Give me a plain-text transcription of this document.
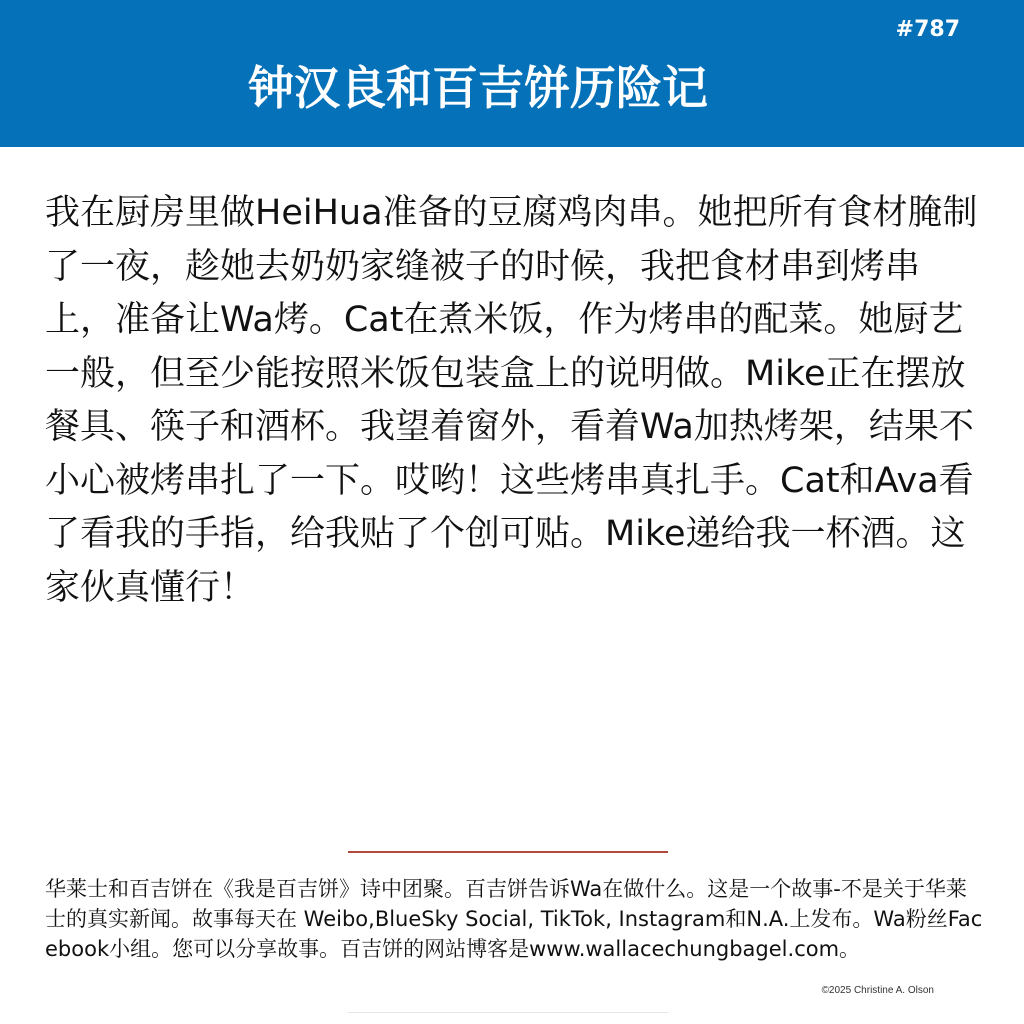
#787
钟汉良和百吉饼历险记

我在厨房里做HeiHua准备的豆腐鸡肉串。她把所有食材腌制了一夜，趁她去奶奶家缝被子的时候，我把食材串到烤串上，准备让Wa烤。Cat在煮米饭，作为烤串的配菜。她厨艺一般，但至少能按照米饭包装盒上的说明做。Mike正在摆放餐具、筷子和酒杯。我望着窗外，看着Wa加热烤架，结果不小心被烤串扎了一下。哎哟！这些烤串真扎手。Cat和Ava看了看我的手指，给我贴了个创可贴。Mike递给我一杯酒。这家伙真懂行！

华莱士和百吉饼在《我是百吉饼》诗中团聚。百吉饼告诉Wa在做什么。这是一个故事-不是关于华莱士的真实新闻。故事每天在 Weibo,BlueSky Social, TikTok, Instagram和N.A.上发布。Wa粉丝Facebook小组。您可以分享故事。百吉饼的网站博客是www.wallacechungbagel.com。

©2025 Christine A. Olson
